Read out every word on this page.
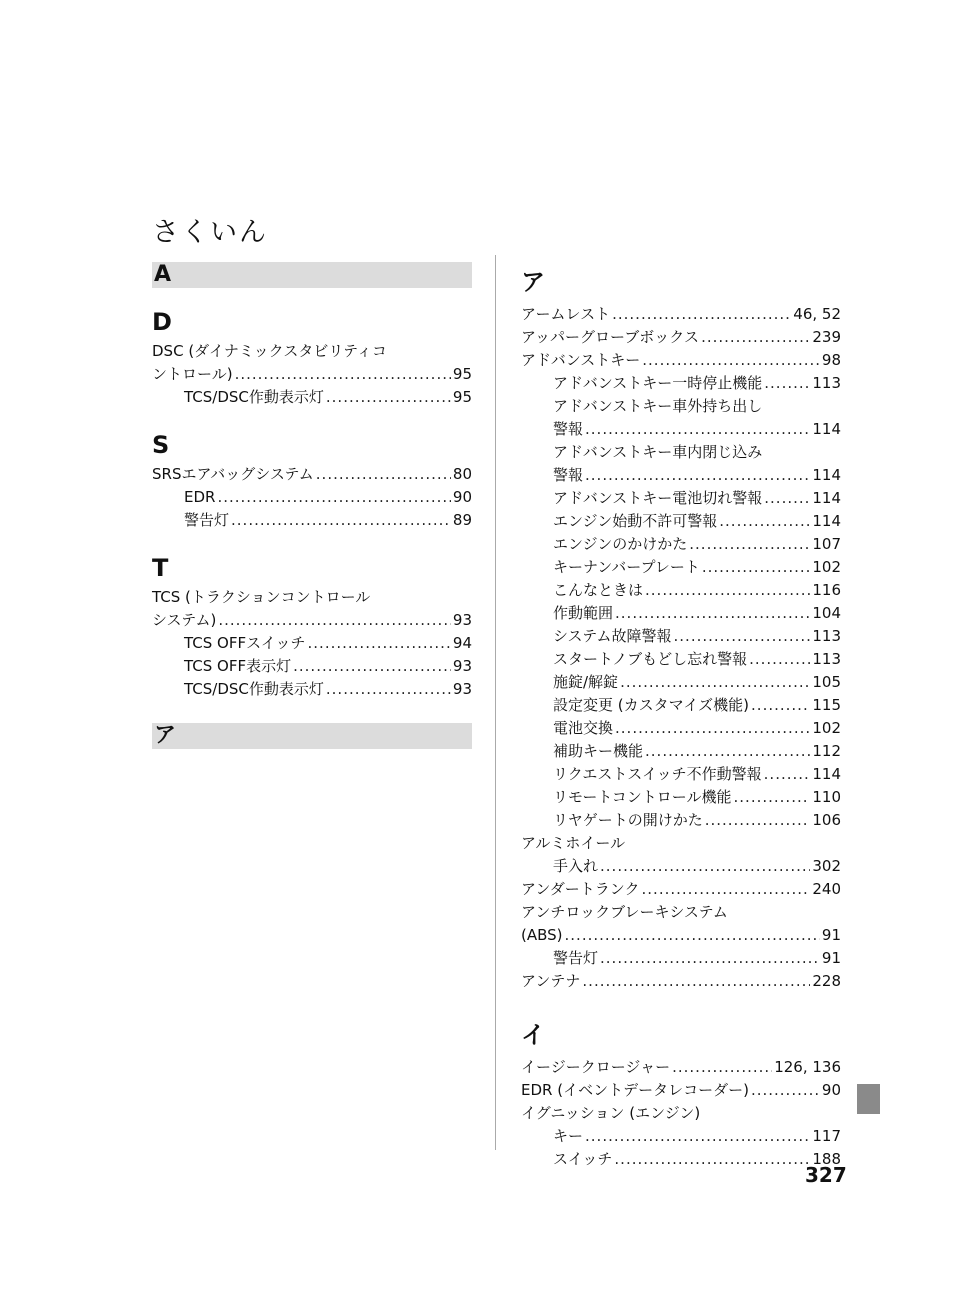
さくいん
A
D
DSC (ダイナミックスタビリティコ
ントロール) .....	95
TCS/DSC作動表示灯 .....	95
S
SRSエアバッグシステム .....	80
EDR .....	90
警告灯 .....	89
T
TCS (トラクションコントロール
システム) .....	93
TCS OFFスイッチ .....	94
TCS OFF表示灯 .....	93
TCS/DSC作動表示灯 .....	93
ア
ア
アームレスト .....	46, 52
アッパーグローブボックス .....	239
アドバンストキー .....	98
アドバンストキー一時停止機能 .....	113
アドバンストキー車外持ち出し
警報 .....	114
アドバンストキー車内閉じ込み
警報 .....	114
アドバンストキー電池切れ警報 .....	114
エンジン始動不許可警報 .....	114
エンジンのかけかた .....	107
キーナンバープレート .....	102
こんなときは .....	116
作動範囲 .....	104
システム故障警報 .....	113
スタートノブもどし忘れ警報 .....	113
施錠/解錠 .....	105
設定変更 (カスタマイズ機能) .....	115
電池交換 .....	102
補助キー機能 .....	112
リクエストスイッチ不作動警報 .....	114
リモートコントロール機能 .....	110
リヤゲートの開けかた .....	106
アルミホイール
手入れ .....	302
アンダートランク .....	240
アンチロックブレーキシステム
(ABS) .....	91
警告灯 .....	91
アンテナ .....	228
イ
イージークロージャー .....	126, 136
EDR (イベントデータレコーダー) .....	90
イグニッション (エンジン)
キー .....	117
スイッチ .....	188
327
